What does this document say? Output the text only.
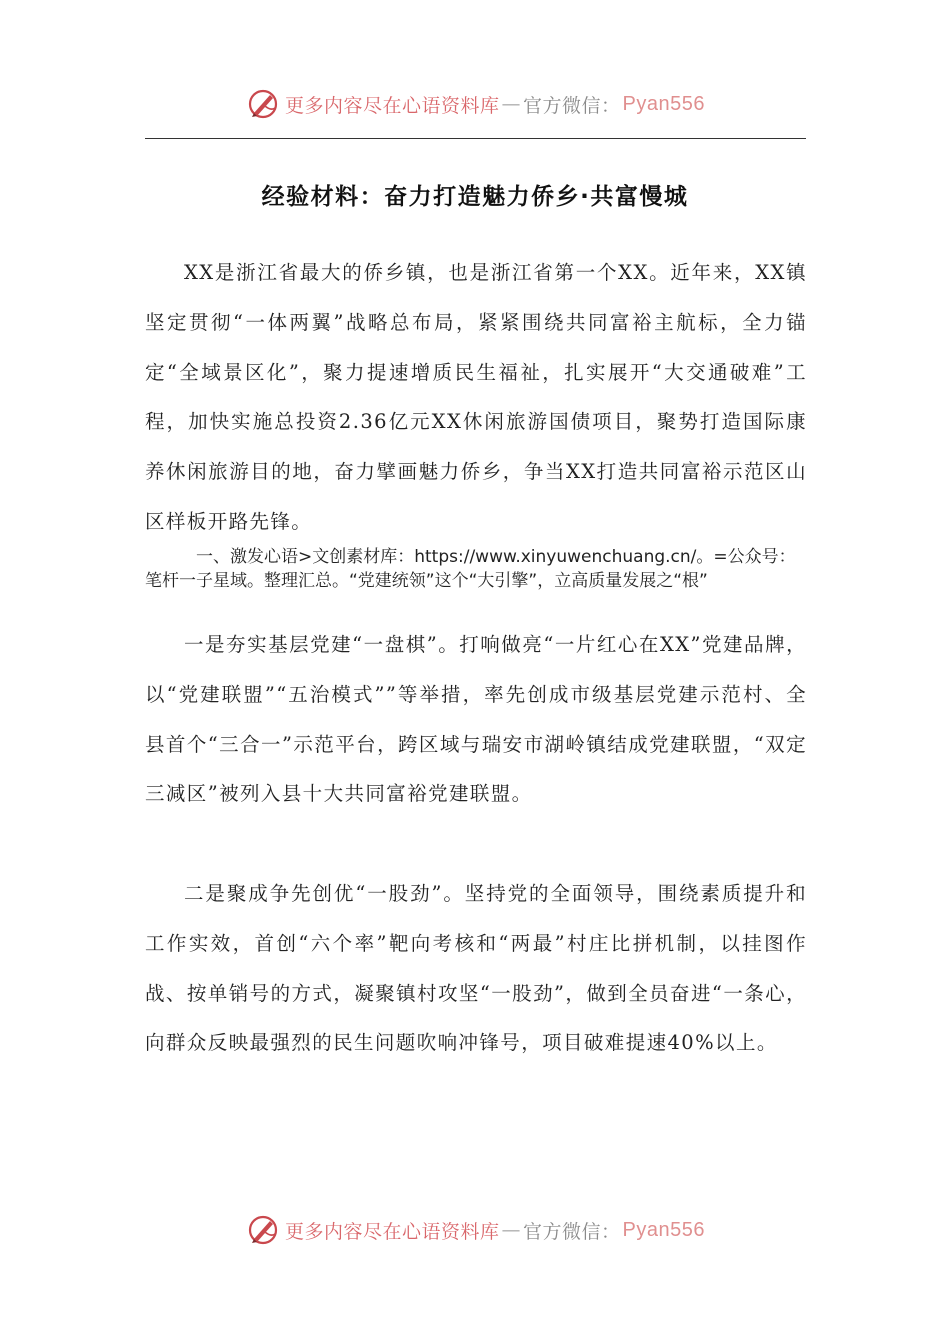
更多内容尽在心语资料库 — 官方微信： Pyan556
经验材料：奋力打造魅力侨乡·共富慢城

XX是浙江省最大的侨乡镇，也是浙江省第一个XX。近年来，XX镇坚定贯彻“一体两翼”战略总布局，紧紧围绕共同富裕主航标，全力锚定“全域景区化”，聚力提速增质民生福祉，扎实展开“大交通破难”工程，加快实施总投资2.36亿元XX休闲旅游国债项目，聚势打造国际康养休闲旅游目的地，奋力擘画魅力侨乡，争当XX打造共同富裕示范区山区样板开路先锋。

一、激发心语>文创素材库：https://www.xinyuwenchuang.cn/。=公众号：笔杆一子星域。整理汇总。“党建统领”这个“大引擎”，立高质量发展之“根”

一是夯实基层党建“一盘棋”。打响做亮“一片红心在XX”党建品牌，以“党建联盟”“五治模式””等举措，率先创成市级基层党建示范村、全县首个“三合一”示范平台，跨区域与瑞安市湖岭镇结成党建联盟，“双定三减区”被列入县十大共同富裕党建联盟。

二是聚成争先创优“一股劲”。坚持党的全面领导，围绕素质提升和工作实效，首创“六个率”靶向考核和“两最”村庄比拼机制，以挂图作战、按单销号的方式，凝聚镇村攻坚“一股劲”，做到全员奋进“一条心，向群众反映最强烈的民生问题吹响冲锋号，项目破难提速40%以上。

更多内容尽在心语资料库 — 官方微信： Pyan556
